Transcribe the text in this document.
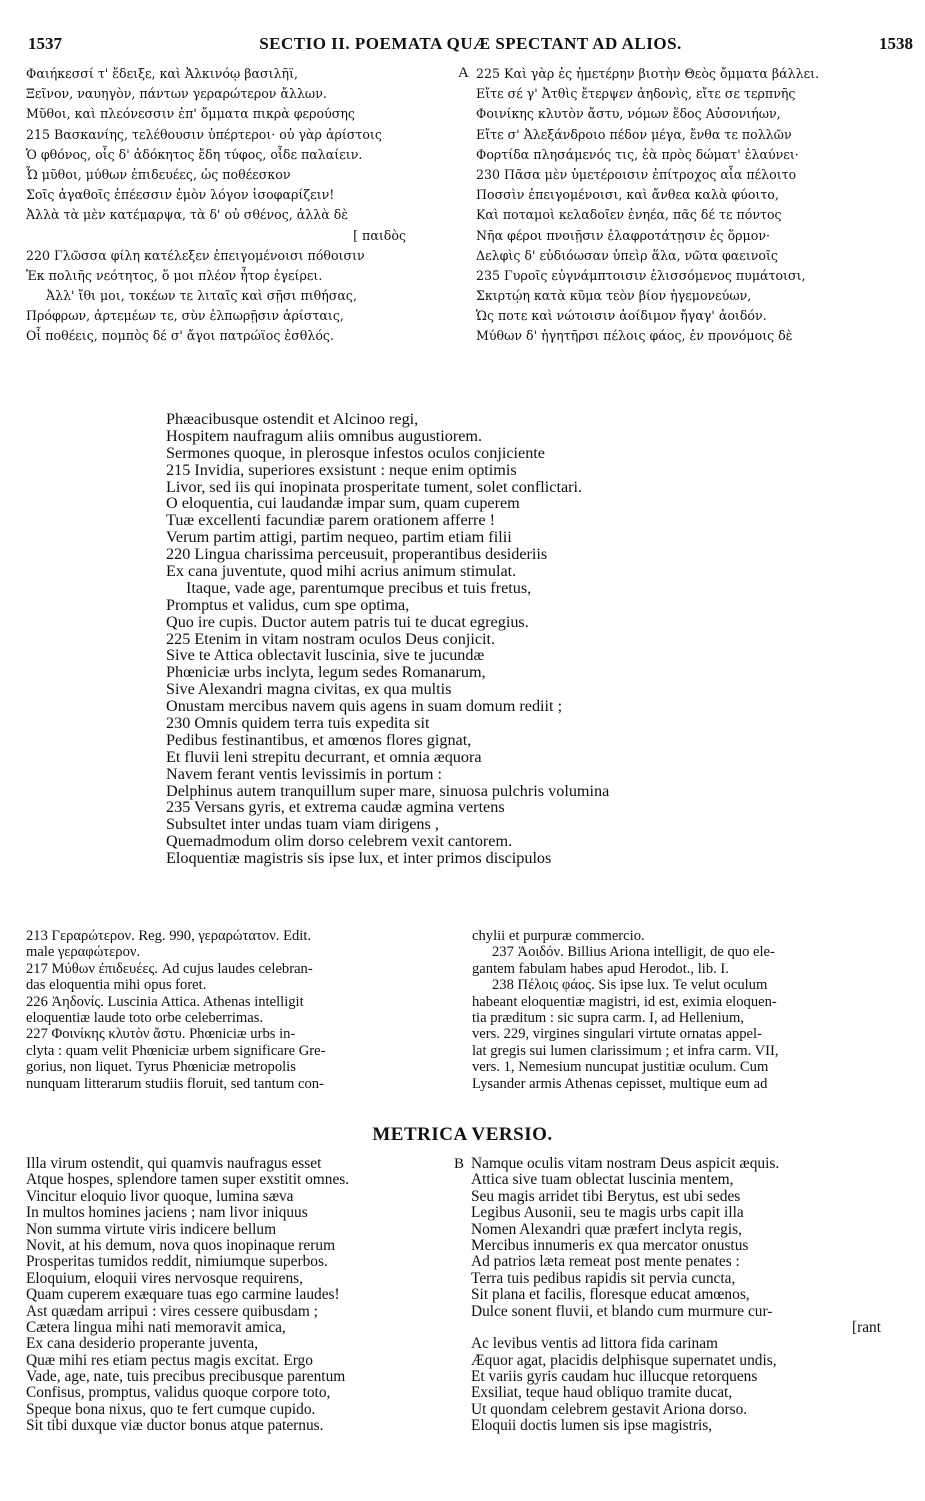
1537	SECTIO II. POEMATA QUÆ SPECTANT AD ALIOS.	1538
Φαιήκεσσί τ' ἔδειξε, καὶ Ἀλκινόῳ βασιλῆϊ,
Ξεῖνον, ναυηγὸν, πάντων γεραρώτερον ἄλλων.
Μῦθοι, καὶ πλεόνεσσιν ἐπ' ὄμματα πικρὰ φερούσης
215 Βασκανίης, τελέθουσιν ὑπέρτεροι· οὐ γὰρ ἀρίστοις
Ὁ φθόνος, οἷς δ' ἀδόκητος ἔδη τύφος, οἶδε παλαίειν.
Ὦ μῦθοι, μύθων ἐπιδευέες, ὡς ποθέεσκον
Σοῖς ἀγαθοῖς ἐπέεσσιν ἐμὸν λόγον ἰσοφαρίζειν!
Ἀλλὰ τὰ μὲν κατέμαρψα, τὰ δ' οὐ σθένος, ἀλλὰ δὲ
[ παιδὸς
220 Γλῶσσα φίλη κατέλεξεν ἐπειγομένοισι πόθοισιν
Ἐκ πολιῆς νεότητος, ὅ μοι πλέον ἦτορ ἐγείρει.
Ἀλλ' ἴθι μοι, τοκέων τε λιταῖς καὶ σῇσι πιθήσας,
Πρόφρων, ἀρτεμέων τε, σὺν ἐλπωρῇσιν ἀρίσταις,
Οἷ ποθέεις, πομπὸς δέ σ' ἄγοι πατρώϊος ἐσθλός.
A 225 Καὶ γὰρ ἐς ἡμετέρην βιοτὴν Θεὸς ὄμματα βάλλει.
Εἴτε σέ γ' Ἀτθὶς ἔτερψεν ἀηδονὶς, εἴτε σε τερπνῆς
Φοινίκης κλυτὸν ἄστυ, νόμων ἕδος Αὐσονιήων,
Εἴτε σ' Ἀλεξάνδροιο πέδον μέγα, ἔνθα τε πολλῶν
Φορτίδα πλησάμενός τις, ἑὰ πρὸς δώματ' ἐλαύνει·
230 Πᾶσα μὲν ὑμετέροισιν ἐπίτροχος αἶα πέλοιτο
Ποσσὶν ἐπειγομένοισι, καὶ ἄνθεα καλὰ φύοιτο,
Καὶ ποταμοὶ κελαδοῖεν ἐνηέα, πᾶς δέ τε πόντος
Νῆα φέροι πνοιῇσιν ἐλαφροτάτῃσιν ἐς ὅρμον·
Δελφὶς δ' εὐδιόωσαν ὑπεὶρ ἅλα, νῶτα φαεινοῖς
235 Γυροῖς εὐγνάμπτοισιν ἑλισσόμενος πυμάτοισι,
Σκιρτῴη κατὰ κῦμα τεὸν βίον ἡγεμονεύων,
Ὡς ποτε καὶ νώτοισιν ἀοίδιμον ἤγαγ' ἀοιδόν.
Μύθων δ' ἡγητῆρσι πέλοις φάος, ἐν προνόμοις δὲ
Phæacibusque ostendit et Alcinoo regi,
Hospitem naufragum aliis omnibus augustiorem.
Sermones quoque, in plerosque infestos oculos conjiciente
215 Invidia, superiores exsistunt : neque enim optimis
Livor, sed iis qui inopinata prosperitate tument, solet conflictari.
O eloquentia, cui laudandæ impar sum, quam cuperem
Tuæ excellenti facundiæ parem orationem afferre !
Verum partim attigi, partim nequeo, partim etiam filii
220 Lingua charissima perceusuit, properantibus desideriis
Ex cana juventute, quod mihi acrius animum stimulat.
Itaque, vade age, parentumque precibus et tuis fretus,
Promptus et validus, cum spe optima,
Quo ire cupis. Ductor autem patris tui te ducat egregius.
225 Etenim in vitam nostram oculos Deus conjicit.
Sive te Attica oblectavit luscinia, sive te jucundæ
Phœniciæ urbs inclyta, legum sedes Romanarum,
Sive Alexandri magna civitas, ex qua multis
Onustam mercibus navem quis agens in suam domum rediit ;
230 Omnis quidem terra tuis expedita sit
Pedibus festinantibus, et amœnos flores gignat,
Et fluvii leni strepitu decurrant, et omnia æquora
Navem ferant ventis levissimis in portum :
Delphinus autem tranquillum super mare, sinuosa pulchris volumina
235 Versans gyris, et extrema caudæ agmina vertens
Subsultet inter undas tuam viam dirigens ,
Quemadmodum olim dorso celebrem vexit cantorem.
Eloquentiæ magistris sis ipse lux, et inter primos discipulos
213 Γεραρώτερον. Reg. 990, γεραρώτατον. Edit.
male γεραφώτερον.
217 Μύθων ἐπιδευέες. Ad cujus laudes celebran-
das eloquentia mihi opus foret.
226 Ἀηδονίς. Luscinia Attica. Athenas intelligit
eloquentiæ laude toto orbe celeberrimas.
227 Φοινίκης κλυτὸν ἄστυ. Phœniciæ urbs in-
clyta : quam velit Phœniciæ urbem significare Gre-
gorius, non liquet. Tyrus Phœniciæ metropolis
nunquam litterarum studiis floruit, sed tantum con-
chylii et purpuræ commercio.
237 Ἀοιδόν. Billius Ariona intelligit, de quo ele-
gantem fabulam habes apud Herodot., lib. I.
238 Πέλοις φάος. Sis ipse lux. Te velut oculum
habeant eloquentiæ magistri, id est, eximia eloquen-
tia præditum : sic supra carm. I, ad Hellenium,
vers. 229, virgines singulari virtute ornatas appel-
lat gregis sui lumen clarissimum ; et infra carm. VII,
vers. 1, Nemesium nuncupat justitiæ oculum. Cum
Lysander armis Athenas cepisset, multique eum ad
METRICA VERSIO.
Illa virum ostendit, qui quamvis naufragus esset
Atque hospes, splendore tamen super exstitit omnes.
Vincitur eloquio livor quoque, lumina sæva
In multos homines jaciens ; nam livor iniquus
Non summa virtute viris indicere bellum
Novit, at his demum, nova quos inopinaque rerum
Prosperitas tumidos reddit, nimiumque superbos.
Eloquium, eloquii vires nervosque requirens,
Quam cuperem exæquare tuas ego carmine laudes!
Ast quædam arripui : vires cessere quibusdam ;
Cætera lingua mihi nati memoravit amica,
Ex cana desiderio properante juventa,
Quæ mihi res etiam pectus magis excitat. Ergo
Vade, age, nate, tuis precibus precibusque parentum
Confisus, promptus, validus quoque corpore toto,
Speque bona nixus, quo te fert cumque cupido.
Sit tibi duxque viæ ductor bonus atque paternus.
B Namque oculis vitam nostram Deus aspicit æquis.
Attica sive tuam oblectat luscinia mentem,
Seu magis arridet tibi Berytus, est ubi sedes
Legibus Ausonii, seu te magis urbs capit illa
Nomen Alexandri quæ præfert inclyta regis,
Mercibus innumeris ex qua mercator onustus
Ad patrios læta remeat post mente penates :
Terra tuis pedibus rapidis sit pervia cuncta,
Sit plana et facilis, floresque educat amœnos,
Dulce sonent fluvii, et blando cum murmure cur-
[rant
Ac levibus ventis ad littora fida carinam
Æquor agat, placidis delphisque supernatet undis,
Et variis gyris caudam huc illucque retorquens
Exsiliat, teque haud obliquo tramite ducat,
Ut quondam celebrem gestavit Ariona dorso.
Eloquii doctis lumen sis ipse magistris,
